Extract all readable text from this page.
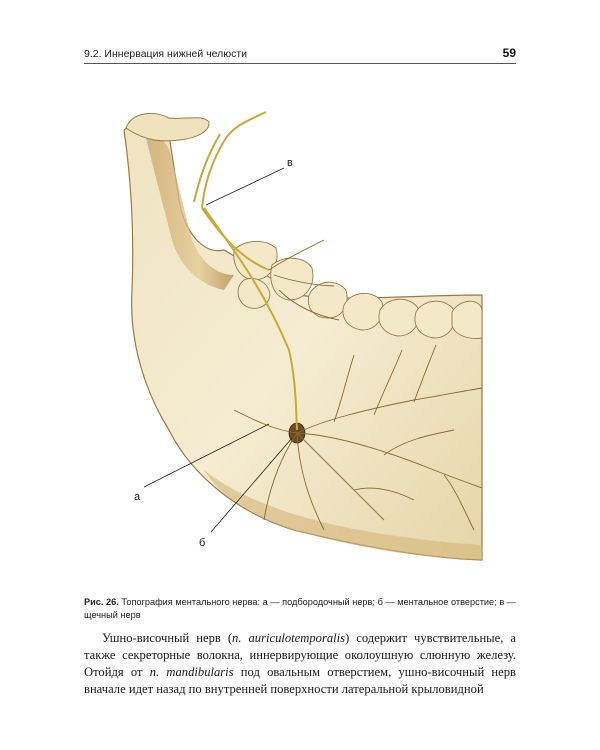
9.2. Иннервация нижней челюсти	59
в
а
б
Рис. 26. Топография ментального нерва: а — подбородочный нерв; б — ментальное отверстие; в — щечный нерв

Ушно-височный нерв (n. auriculotemporalis) содержит чувствительные, а также секреторные волокна, иннервирующие околоушную слюнную железу. Отойдя от n. mandibularis под овальным отверстием, ушно-височный нерв вначале идет назад по внутренней поверхности латеральной крыловидной
